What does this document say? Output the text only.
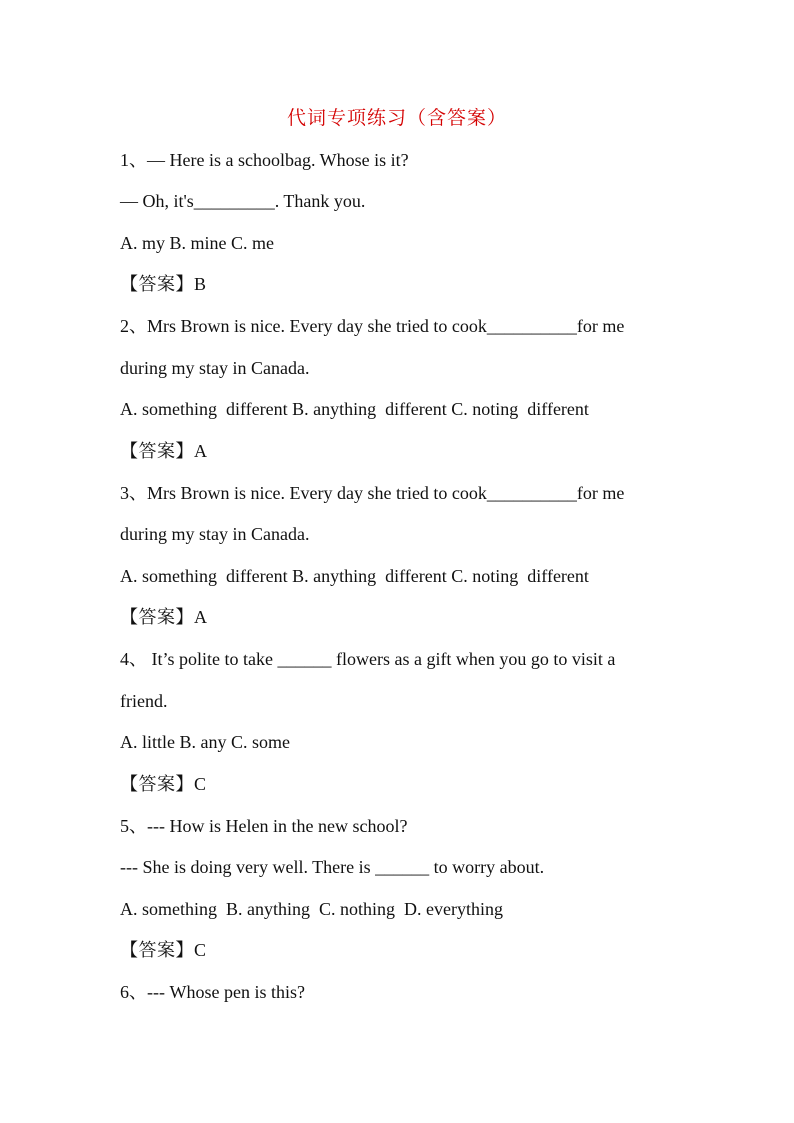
代词专项练习（含答案）
1、— Here is a schoolbag. Whose is it?
— Oh, it's_________. Thank you.
A. my B. mine C. me
【答案】B
2、Mrs Brown is nice. Every day she tried to cook__________for me
during my stay in Canada.
A. something  different B. anything  different C. noting  different
【答案】A
3、Mrs Brown is nice. Every day she tried to cook__________for me
during my stay in Canada.
A. something  different B. anything  different C. noting  different
【答案】A
4、 It’s polite to take ______ flowers as a gift when you go to visit a
friend.
A. little B. any C. some
【答案】C
5、--- How is Helen in the new school?
--- She is doing very well. There is ______ to worry about.
A. something  B. anything  C. nothing  D. everything
【答案】C
6、--- Whose pen is this?
